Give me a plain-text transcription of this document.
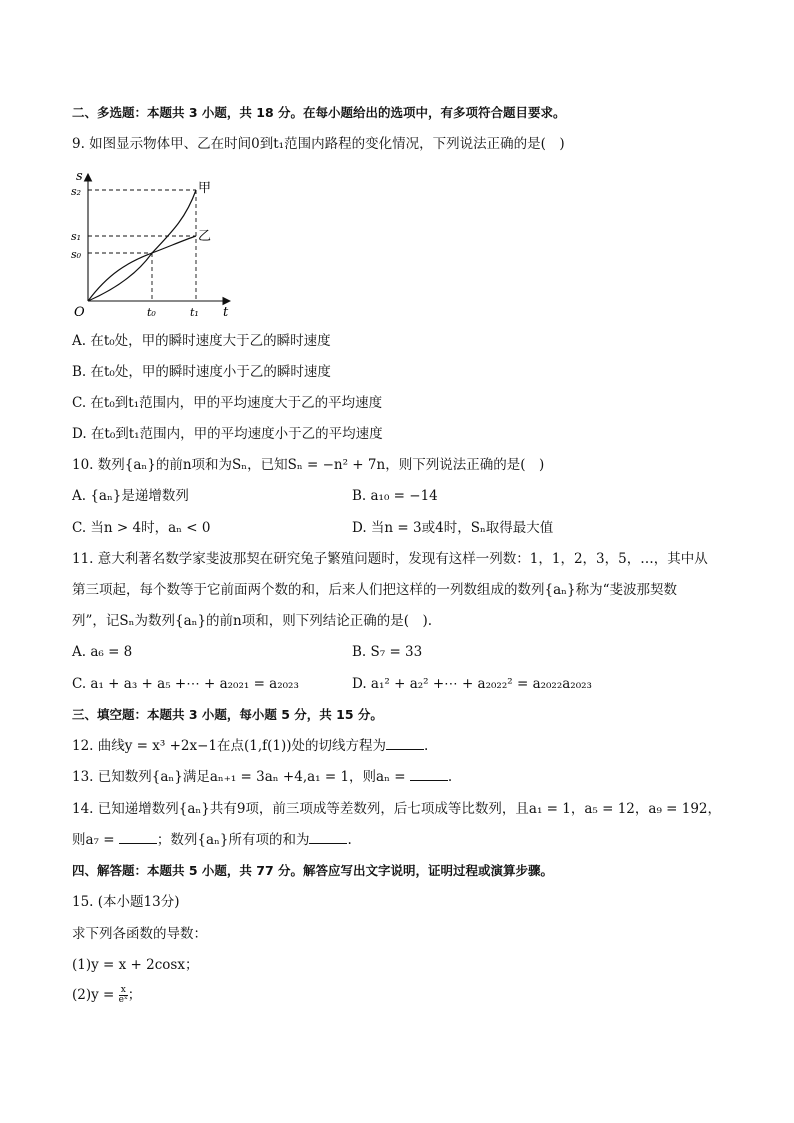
二、多选题：本题共 3 小题，共 18 分。在每小题给出的选项中，有多项符合题目要求。
9. 如图显示物体甲、乙在时间0到t₁范围内路程的变化情况，下列说法正确的是(　)
s
t
O
s₂
s₁
s₀
t₀	t₁
甲
乙
A. 在t₀处，甲的瞬时速度大于乙的瞬时速度
B. 在t₀处，甲的瞬时速度小于乙的瞬时速度
C. 在t₀到t₁范围内，甲的平均速度大于乙的平均速度
D. 在t₀到t₁范围内，甲的平均速度小于乙的平均速度
10. 数列{aₙ}的前n项和为Sₙ，已知Sₙ = −n² + 7n，则下列说法正确的是(　)
A. {aₙ}是递增数列	B. a₁₀ = −14
C. 当n > 4时，aₙ < 0	D. 当n = 3或4时，Sₙ取得最大值
11. 意大利著名数学家斐波那契在研究兔子繁殖问题时，发现有这样一列数：1，1，2，3，5，…，其中从
第三项起，每个数等于它前面两个数的和，后来人们把这样的一列数组成的数列{aₙ}称为“斐波那契数
列”，记Sₙ为数列{aₙ}的前n项和，则下列结论正确的是(　).
A. a₆ = 8	B. S₇ = 33
C. a₁ + a₃ + a₅ +⋯ + a₂₀₂₁ = a₂₀₂₃	D. a₁² + a₂² +⋯ + a₂₀₂₂² = a₂₀₂₂a₂₀₂₃
三、填空题：本题共 3 小题，每小题 5 分，共 15 分。
12. 曲线y = x³ +2x−1在点(1,f(1))处的切线方程为	.
13. 已知数列{aₙ}满足aₙ₊₁ = 3aₙ +4,a₁ = 1，则aₙ =	.
14. 已知递增数列{aₙ}共有9项，前三项成等差数列，后七项成等比数列，且a₁ = 1，a₅ = 12，a₉ = 192，
则a₇ =	；数列{aₙ}所有项的和为	.
四、解答题：本题共 5 小题，共 77 分。解答应写出文字说明，证明过程或演算步骤。
15. (本小题13分)
求下列各函数的导数：
(1)y = x + 2cosx；
$(2)y = \frac{x}{\text{eˣ}}$ ；
